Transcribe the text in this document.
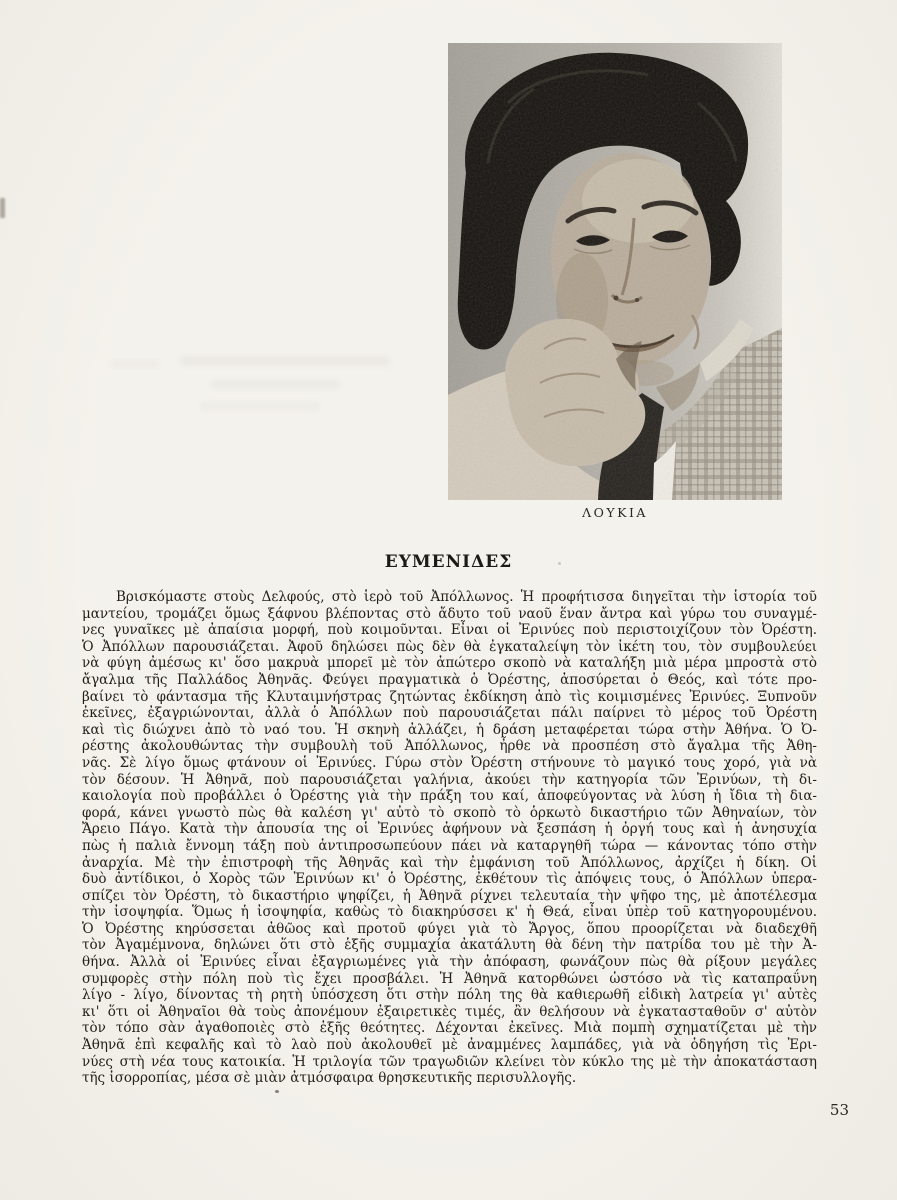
ΛΟΥΚΙΑ
ΕΥΜΕΝΙΔΕΣ
Βρισκόμαστε στοὺς Δελφούς, στὸ ἱερὸ τοῦ Ἀπόλλωνος. Ἡ προφήτισσα διηγεῖται τὴν ἱστορία τοῦ
μαντείου, τρομάζει ὅμως ξάφνου βλέποντας στὸ ἄδυτο τοῦ ναοῦ ἕναν ἄντρα καὶ γύρω του συναγμέ-
νες γυναῖκες μὲ ἀπαίσια μορφή, ποὺ κοιμοῦνται. Εἶναι οἱ Ἐρινύες ποὺ περιστοιχίζουν τὸν Ὀρέστη.
Ὁ Ἀπόλλων παρουσιάζεται. Ἀφοῦ δηλώσει πὼς δὲν θὰ ἐγκαταλείψη τὸν ἱκέτη του, τὸν συμβουλεύει
νὰ φύγη ἀμέσως κι' ὅσο μακρυὰ μπορεῖ μὲ τὸν ἀπώτερο σκοπὸ νὰ καταλήξη μιὰ μέρα μπροστὰ στὸ
ἄγαλμα τῆς Παλλάδος Ἀθηνᾶς. Φεύγει πραγματικὰ ὁ Ὀρέστης, ἀποσύρεται ὁ Θεός, καὶ τότε προ-
βαίνει τὸ φάντασμα τῆς Κλυταιμνήστρας ζητώντας ἐκδίκηση ἀπὸ τὶς κοιμισμένες Ἐρινύες. Ξυπνοῦν
ἐκεῖνες, ἐξαγριώνονται, ἀλλὰ ὁ Ἀπόλλων ποὺ παρουσιάζεται πάλι παίρνει τὸ μέρος τοῦ Ὀρέστη
καὶ τὶς διώχνει ἀπὸ τὸ ναό του. Ἡ σκηνὴ ἀλλάζει, ἡ δράση μεταφέρεται τώρα στὴν Ἀθήνα. Ὁ Ὀ-
ρέστης ἀκολουθώντας τὴν συμβουλὴ τοῦ Ἀπόλλωνος, ἦρθε νὰ προσπέση στὸ ἄγαλμα τῆς Ἀθη-
νᾶς. Σὲ λίγο ὅμως φτάνουν οἱ Ἐρινύες. Γύρω στὸν Ὀρέστη στήνουνε τὸ μαγικό τους χορό, γιὰ νὰ
τὸν δέσουν. Ἡ Ἀθηνᾶ, ποὺ παρουσιάζεται γαλήνια, ἀκούει τὴν κατηγορία τῶν Ἐρινύων, τὴ δι-
καιολογία ποὺ προβάλλει ὁ Ὀρέστης γιὰ τὴν πράξη του καί, ἀποφεύγοντας νὰ λύση ἡ ἴδια τὴ δια-
φορά, κάνει γνωστὸ πὼς θὰ καλέση γι' αὐτὸ τὸ σκοπὸ τὸ ὁρκωτὸ δικαστήριο τῶν Ἀθηναίων, τὸν
Ἄρειο Πάγο. Κατὰ τὴν ἀπουσία της οἱ Ἐρινύες ἀφήνουν νὰ ξεσπάση ἡ ὀργή τους καὶ ἡ ἀνησυχία
πὼς ἡ παλιὰ ἔννομη τάξη ποὺ ἀντιπροσωπεύουν πάει νὰ καταργηθῆ τώρα — κάνοντας τόπο στὴν
ἀναρχία. Μὲ τὴν ἐπιστροφὴ τῆς Ἀθηνᾶς καὶ τὴν ἐμφάνιση τοῦ Ἀπόλλωνος, ἀρχίζει ἡ δίκη. Οἱ
δυὸ ἀντίδικοι, ὁ Χορὸς τῶν Ἐρινύων κι' ὁ Ὀρέστης, ἐκθέτουν τὶς ἀπόψεις τους, ὁ Ἀπόλλων ὑπερα-
σπίζει τὸν Ὀρέστη, τὸ δικαστήριο ψηφίζει, ἡ Ἀθηνᾶ ρίχνει τελευταία τὴν ψῆφο της, μὲ ἀποτέλεσμα
τὴν ἰσοψηφία. Ὅμως ἡ ἰσοψηφία, καθὼς τὸ διακηρύσσει κ' ἡ Θεά, εἶναι ὑπὲρ τοῦ κατηγορουμένου.
Ὁ Ὀρέστης κηρύσσεται ἀθῶος καὶ προτοῦ φύγει γιὰ τὸ Ἄργος, ὅπου προορίζεται νὰ διαδεχθῆ
τὸν Ἀγαμέμνονα, δηλώνει ὅτι στὸ ἑξῆς συμμαχία ἀκατάλυτη θὰ δένη τὴν πατρίδα του μὲ τὴν Ἀ-
θήνα. Ἀλλὰ οἱ Ἐρινύες εἶναι ἐξαγριωμένες γιὰ τὴν ἀπόφαση, φωνάζουν πὼς θὰ ρίξουν μεγάλες
συμφορὲς στὴν πόλη ποὺ τὶς ἔχει προσβάλει. Ἡ Ἀθηνᾶ κατορθώνει ὡστόσο νὰ τὶς καταπραΰνη
λίγο - λίγο, δίνοντας τὴ ρητὴ ὑπόσχεση ὅτι στὴν πόλη της θὰ καθιερωθῆ εἰδικὴ λατρεία γι' αὐτὲς
κι' ὅτι οἱ Ἀθηναῖοι θὰ τοὺς ἀπονέμουν ἐξαιρετικὲς τιμές, ἂν θελήσουν νὰ ἐγκατασταθοῦν σ' αὐτὸν
τὸν τόπο σὰν ἀγαθοποιὲς στὸ ἑξῆς θεότητες. Δέχονται ἐκεῖνες. Μιὰ πομπὴ σχηματίζεται μὲ τὴν
Ἀθηνᾶ ἐπὶ κεφαλῆς καὶ τὸ λαὸ ποὺ ἀκολουθεῖ μὲ ἀναμμένες λαμπάδες, γιὰ νὰ ὁδηγήση τὶς Ἐρι-
νύες στὴ νέα τους κατοικία. Ἡ τριλογία τῶν τραγωδιῶν κλείνει τὸν κύκλο της μὲ τὴν ἀποκατάσταση
τῆς ἰσορροπίας, μέσα σὲ μιὰν ἀτμόσφαιρα θρησκευτικῆς περισυλλογῆς.
53
